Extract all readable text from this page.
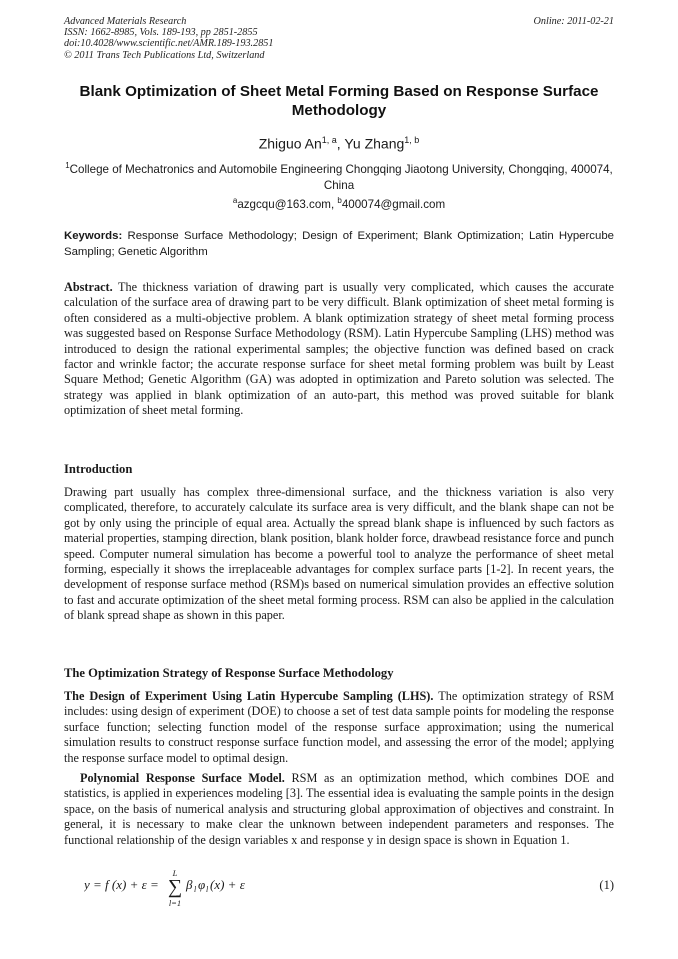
Advanced Materials Research
ISSN: 1662-8985, Vols. 189-193, pp 2851-2855
doi:10.4028/www.scientific.net/AMR.189-193.2851
© 2011 Trans Tech Publications Ltd, Switzerland
Online: 2011-02-21
Blank Optimization of Sheet Metal Forming Based on Response Surface
Methodology
Zhiguo An$^{1, a}$, Yu Zhang$^{1, b}$
$^1$College of Mechatronics and Automobile Engineering Chongqing Jiaotong University, Chongqing, 400074, China
$^a$azgcqu@163.com, $^b$400074@gmail.com
Keywords: Response Surface Methodology; Design of Experiment; Blank Optimization; Latin Hypercube Sampling; Genetic Algorithm
Abstract. The thickness variation of drawing part is usually very complicated, which causes the accurate calculation of the surface area of drawing part to be very difficult. Blank optimization of sheet metal forming is often considered as a multi-objective problem. A blank optimization strategy of sheet metal forming process was suggested based on Response Surface Methodology (RSM). Latin Hypercube Sampling (LHS) method was introduced to design the rational experimental samples; the objective function was defined based on crack factor and wrinkle factor; the accurate response surface for sheet metal forming problem was built by Least Square Method; Genetic Algorithm (GA) was adopted in optimization and Pareto solution was selected. The strategy was applied in blank optimization of an auto-part, this method was proved suitable for blank optimization of sheet metal forming.
Introduction
Drawing part usually has complex three-dimensional surface, and the thickness variation is also very complicated, therefore, to accurately calculate its surface area is very difficult, and the blank shape can not be got by only using the principle of equal area. Actually the spread blank shape is influenced by such factors as material properties, stamping direction, blank position, blank holder force, drawbead resistance force and punch speed. Computer numeral simulation has become a powerful tool to analyze the performance of sheet metal forming, especially it shows the irreplaceable advantages for complex surface parts [1-2]. In recent years, the development of response surface method (RSM)s based on numerical simulation provides an effective solution to fast and accurate optimization of the sheet metal forming process. RSM can also be applied in the calculation of blank spread shape as shown in this paper.
The Optimization Strategy of Response Surface Methodology
The Design of Experiment Using Latin Hypercube Sampling (LHS). The optimization strategy of RSM includes: using design of experiment (DOE) to choose a set of test data sample points for modeling the response surface function; selecting function model of the response surface approximation; using the numerical simulation results to construct response surface function model, and assessing the error of the model; applying the response surface model to optimal design.
Polynomial Response Surface Model. RSM as an optimization method, which combines DOE and statistics, is applied in experiences modeling [3]. The essential idea is evaluating the sample points in the design space, on the basis of numerical analysis and structuring global approximation of objectives and constraint. In general, it is necessary to make clear the unknown between independent parameters and responses. The functional relationship of the design variables x and response y in design space is shown in Equation 1.
y = f (x) + ε =
L
∑
l=1
β l φ l (x) + ε	(1)
